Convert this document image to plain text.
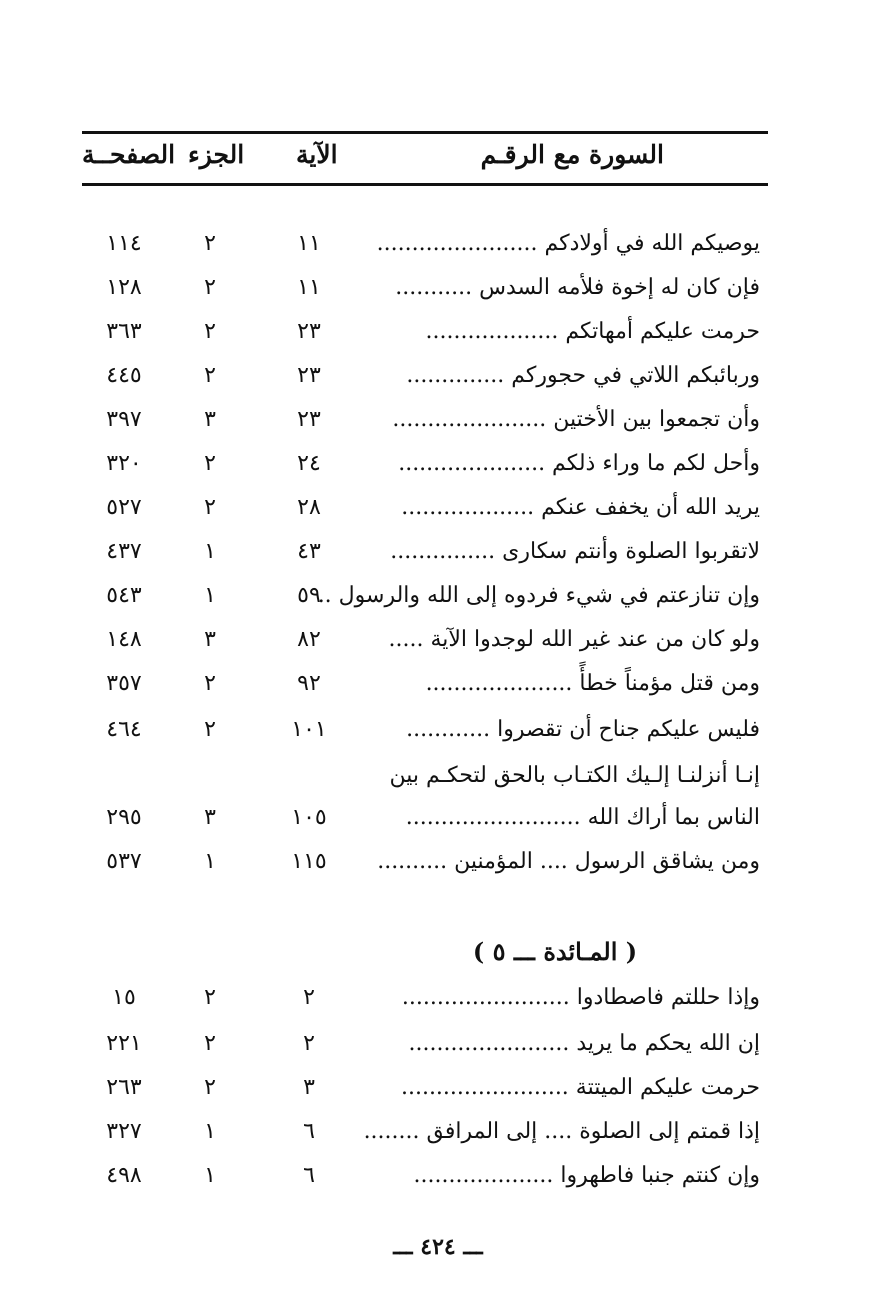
السورة مع الرقـم
الآية
الجزء
الصفحــة
يوصيكم الله في أولادكم .......................
١١
٢
١١٤
فإن كان له إخوة فلأمه السدس ...........
١١
٢
١٢٨
حرمت عليكم أمهاتكم ...................
٢٣
٢
٣٦٣
وربائبكم اللاتي في حجوركم ..............
٢٣
٢
٤٤٥
وأن تجمعوا بين الأختين ......................
٢٣
٣
٣٩٧
وأحل لكم ما وراء ذلكم .....................
٢٤
٢
٣٢٠
يريد الله أن يخفف عنكم ...................
٢٨
٢
٥٢٧
لاتقربوا الصلوة وأنتم سكارى ...............
٤٣
١
٤٣٧
وإن تنازعتم في شيء فردوه إلى الله والرسول ..
٥٩
١
٥٤٣
ولو كان من عند غير الله لوجدوا الآية .....
٨٢
٣
١٤٨
ومن قتل مؤمناً خطأً .....................
٩٢
٢
٣٥٧
فليس عليكم جناح أن تقصروا ............
١٠١
٢
٤٦٤
إنـا أنزلنـا إلـيك الكتـاب بالحق لتحكـم بين
الناس بما أراك الله .........................
١٠٥
٣
٢٩٥
ومن يشاقق الرسول .... المؤمنين ..........
١١٥
١
٥٣٧
( المـائدة ـــ ٥ )
وإذا حللتم فاصطادوا ........................
٢
٢
١٥
إن الله يحكم ما يريد .......................
٢
٢
٢٢١
حرمت عليكم الميتتة ........................
٣
٢
٢٦٣
إذا قمتم إلى الصلوة .... إلى المرافق ........
٦
١
٣٢٧
وإن كنتم جنبا فاطهروا ....................
٦
١
٤٩٨
ـــ ٤٢٤ ـــ
